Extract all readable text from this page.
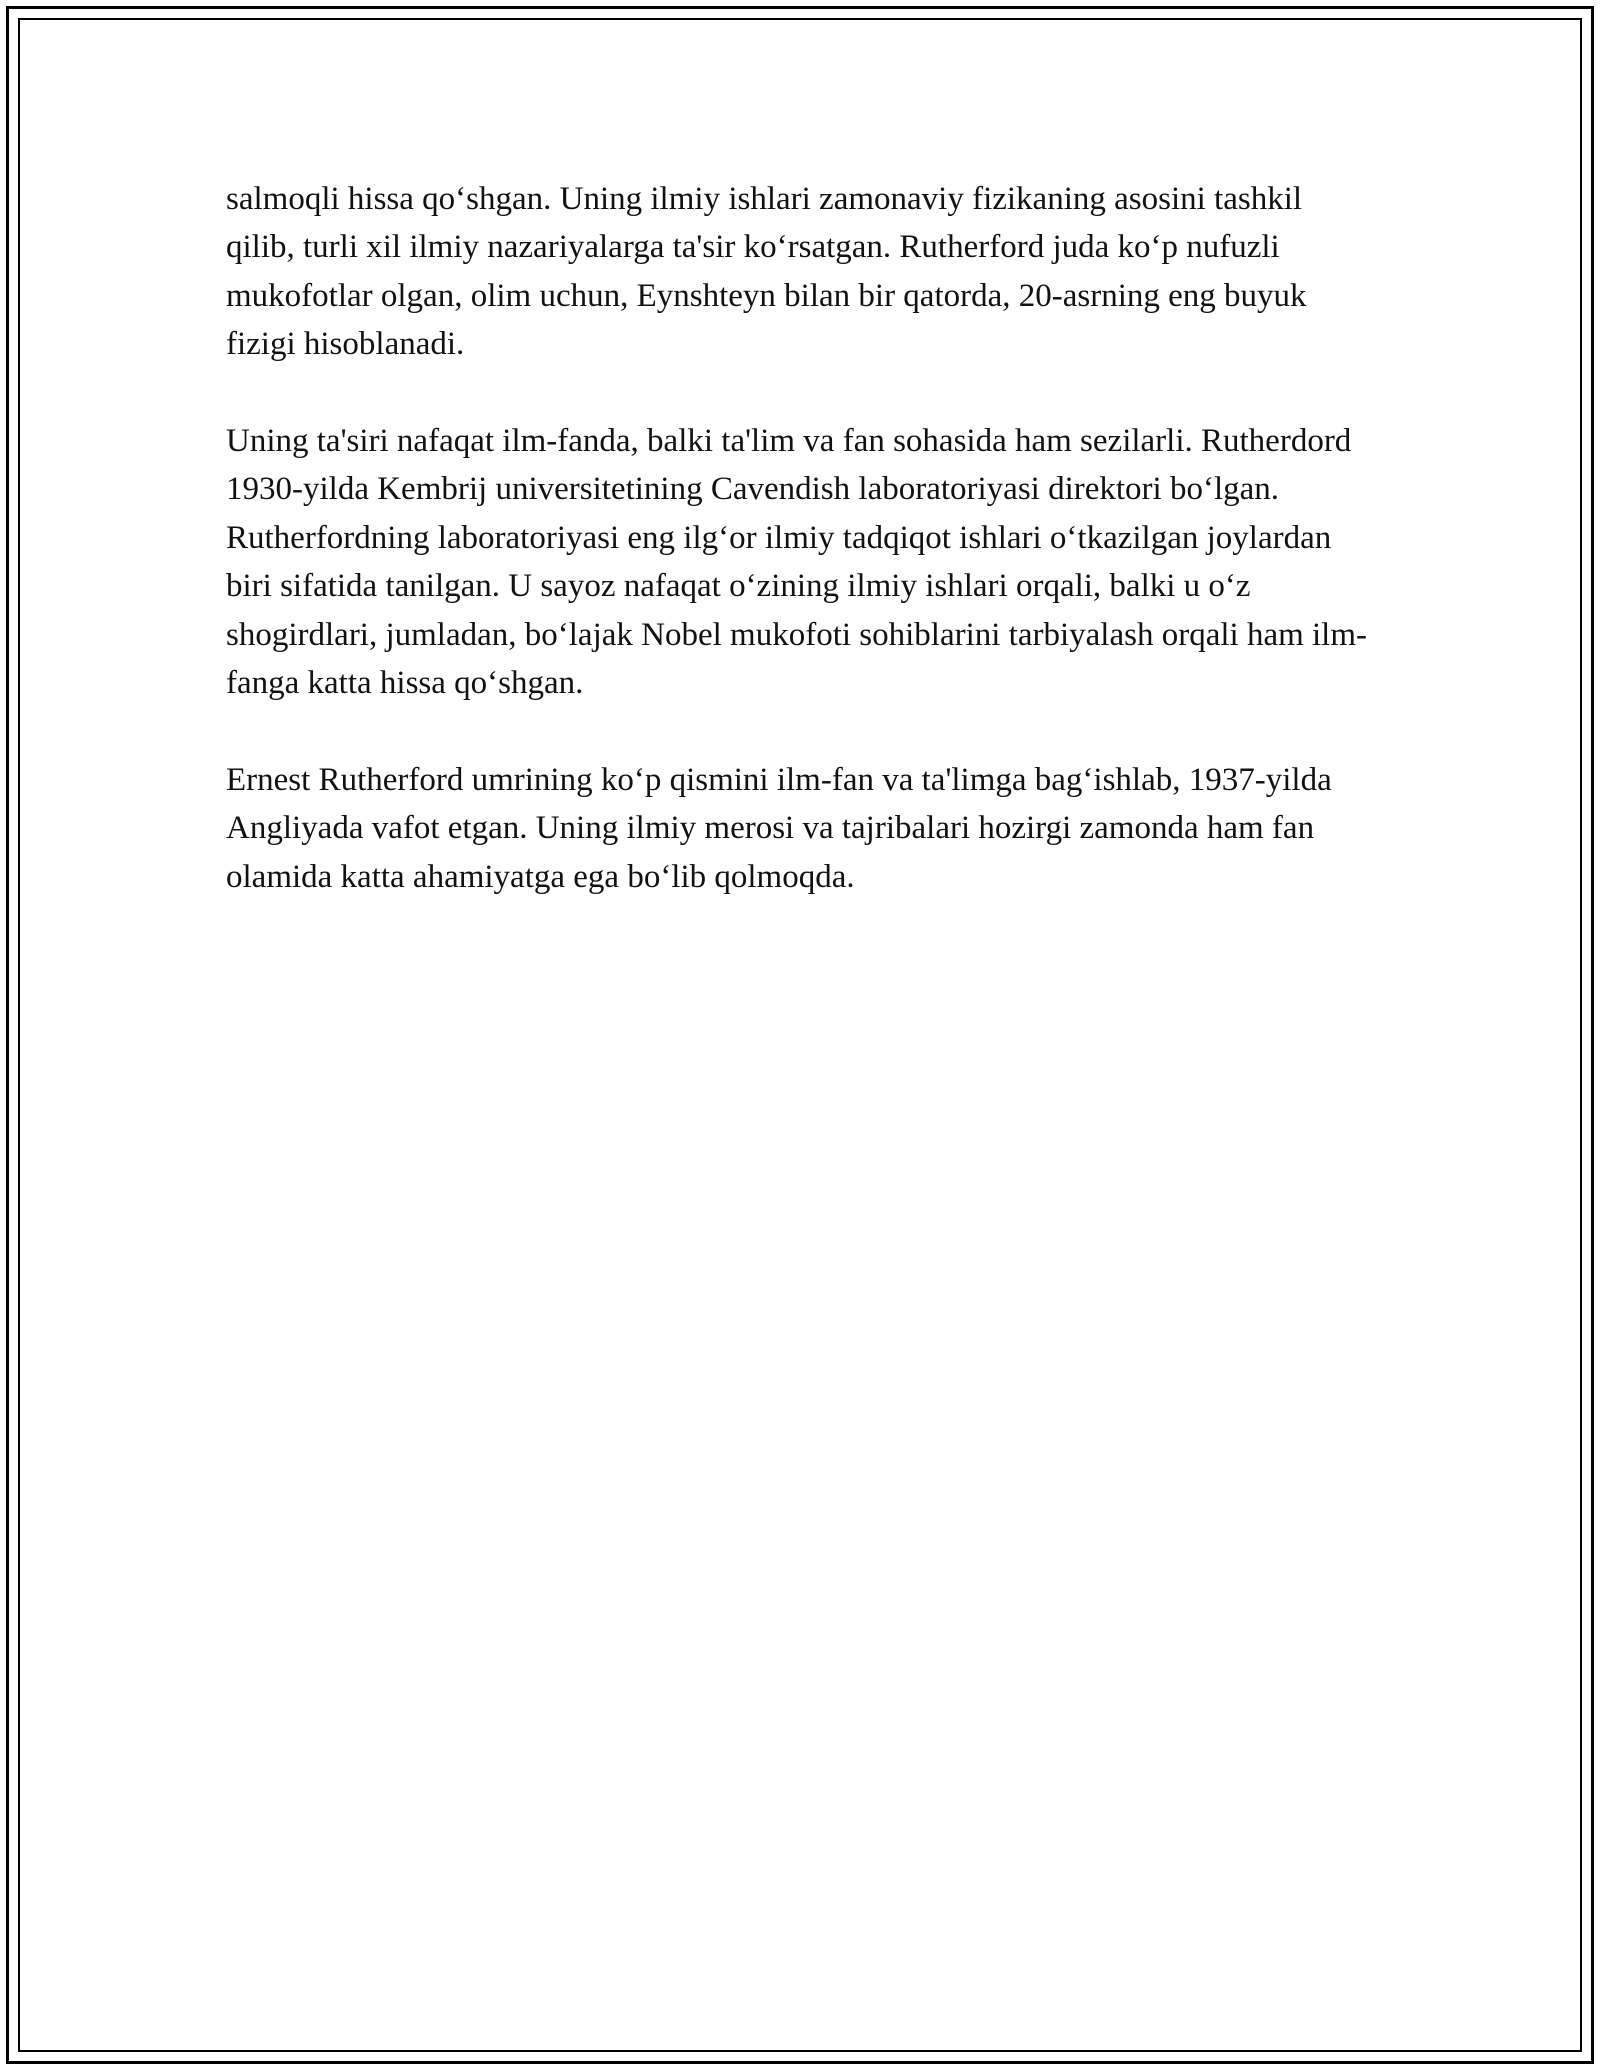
salmoqli hissa qo‘shgan. Uning ilmiy ishlari zamonaviy fizikaning asosini tashkil qilib, turli xil ilmiy nazariyalarga ta'sir ko‘rsatgan. Rutherford juda ko‘p nufuzli mukofotlar olgan, olim uchun, Eynshteyn bilan bir qatorda, 20-asrning eng buyuk fizigi hisoblanadi.

Uning ta'siri nafaqat ilm-fanda, balki ta'lim va fan sohasida ham sezilarli. Rutherdord 1930-yilda Kembrij universitetining Cavendish laboratoriyasi direktori bo‘lgan. Rutherfordning laboratoriyasi eng ilg‘or ilmiy tadqiqot ishlari o‘tkazilgan joylardan biri sifatida tanilgan. U sayoz nafaqat o‘zining ilmiy ishlari orqali, balki u o‘z shogirdlari, jumladan, bo‘lajak Nobel mukofoti sohiblarini tarbiyalash orqali ham ilm-fanga katta hissa qo‘shgan.

Ernest Rutherford umrining ko‘p qismini ilm-fan va ta'limga bag‘ishlab, 1937-yilda Angliyada vafot etgan. Uning ilmiy merosi va tajribalari hozirgi zamonda ham fan olamida katta ahamiyatga ega bo‘lib qolmoqda.
